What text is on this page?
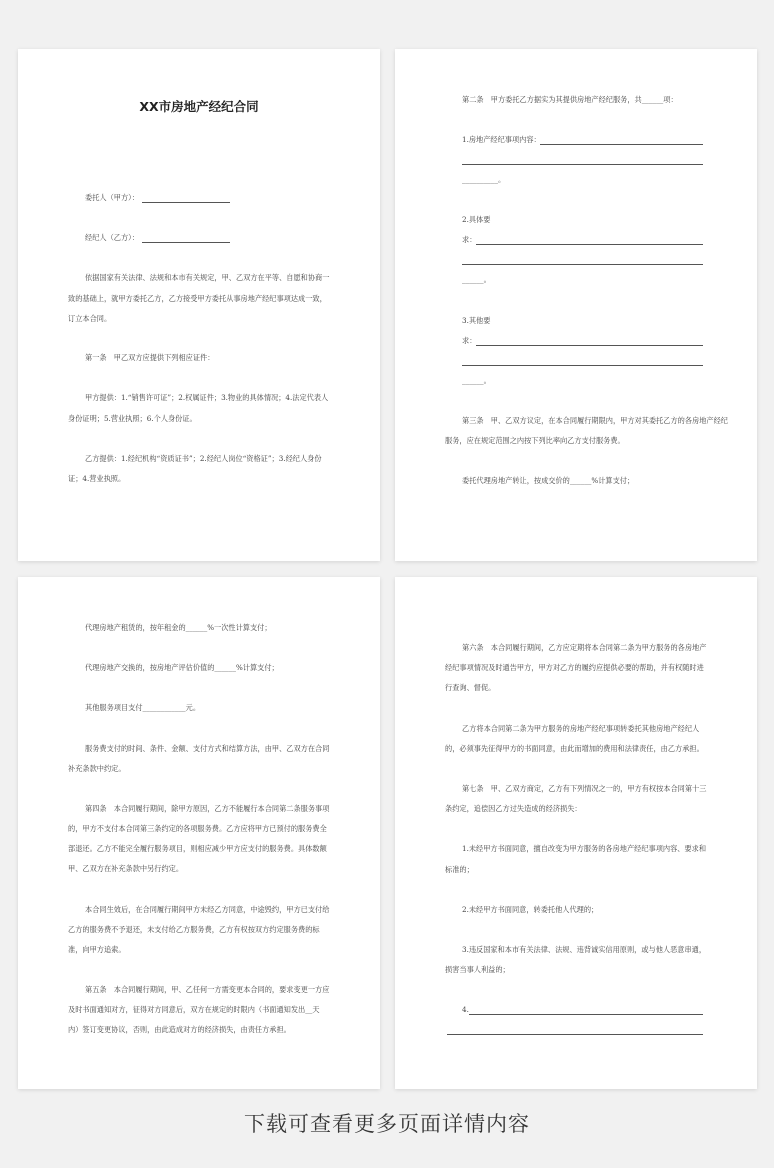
XX市房地产经纪合同
委托人（甲方）：
经纪人（乙方）：
依据国家有关法律、法规和本市有关规定，甲、乙双方在平等、自愿和协商一
致的基础上，就甲方委托乙方，乙方接受甲方委托从事房地产经纪事项达成一致，
订立本合同。
第一条　甲乙双方应提供下列相应证件：
甲方提供：1.“销售许可证”；2.权属证件；3.物业的具体情况；4.法定代表人
身份证明；5.营业执照；6.个人身份证。
乙方提供：1.经纪机构“资质证书”；2.经纪人岗位“资格证”；3.经纪人身份
证；4.营业执照。
第二条　甲方委托乙方据实为其提供房地产经纪服务，共______项：
1.房地产经纪事项内容：
__________。
2.具体要
求：
______。
3.其他要
求：
______。
第三条　甲、乙双方议定，在本合同履行期限内，甲方对其委托乙方的各房地产经纪
服务，应在规定范围之内按下列比率向乙方支付服务费。
委托代理房地产转让，按成交价的______%计算支付；
代理房地产租赁的，按年租金的______%一次性计算支付；
代理房地产交换的，按房地产评估价值的______%计算支付；
其他服务项目支付____________元。
服务费支付的时间、条件、金额、支付方式和结算方法，由甲、乙双方在合同
补充条款中约定。
第四条　本合同履行期间，除甲方原因，乙方不能履行本合同第二条服务事项
的，甲方不支付本合同第三条约定的各项服务费。乙方应将甲方已预付的服务费全
部退还。乙方不能完全履行服务项目，则相应减少甲方应支付的服务费。具体数额
甲、乙双方在补充条款中另行约定。
本合同生效后，在合同履行期间甲方未经乙方同意，中途毁约，甲方已支付给
乙方的服务费不予退还，未支付给乙方服务费，乙方有权按双方约定服务费的标
准，向甲方追索。
第五条　本合同履行期间，甲、乙任何一方需变更本合同的，要求变更一方应
及时书面通知对方，征得对方同意后，双方在规定的时限内（书面通知发出__天
内）签订变更协议，否则，由此造成对方的经济损失，由责任方承担。
第六条　本合同履行期间，乙方应定期将本合同第二条为甲方服务的各房地产
经纪事项情况及时通告甲方，甲方对乙方的履约应提供必要的帮助，并有权随时进
行查询、督促。
乙方将本合同第二条为甲方服务的房地产经纪事项转委托其他房地产经纪人
的，必须事先征得甲方的书面同意，由此而增加的费用和法律责任，由乙方承担。
第七条　甲、乙双方商定，乙方有下列情况之一的，甲方有权按本合同第十三
条约定，追偿因乙方过失造成的经济损失：
1.未经甲方书面同意，擅自改变为甲方服务的各房地产经纪事项内容、要求和
标准的；
2.未经甲方书面同意，转委托他人代理的；
3.违反国家和本市有关法律、法规、违背诚实信用原则，或与他人恶意串通，
损害当事人利益的；
4.
下载可查看更多页面详情内容
